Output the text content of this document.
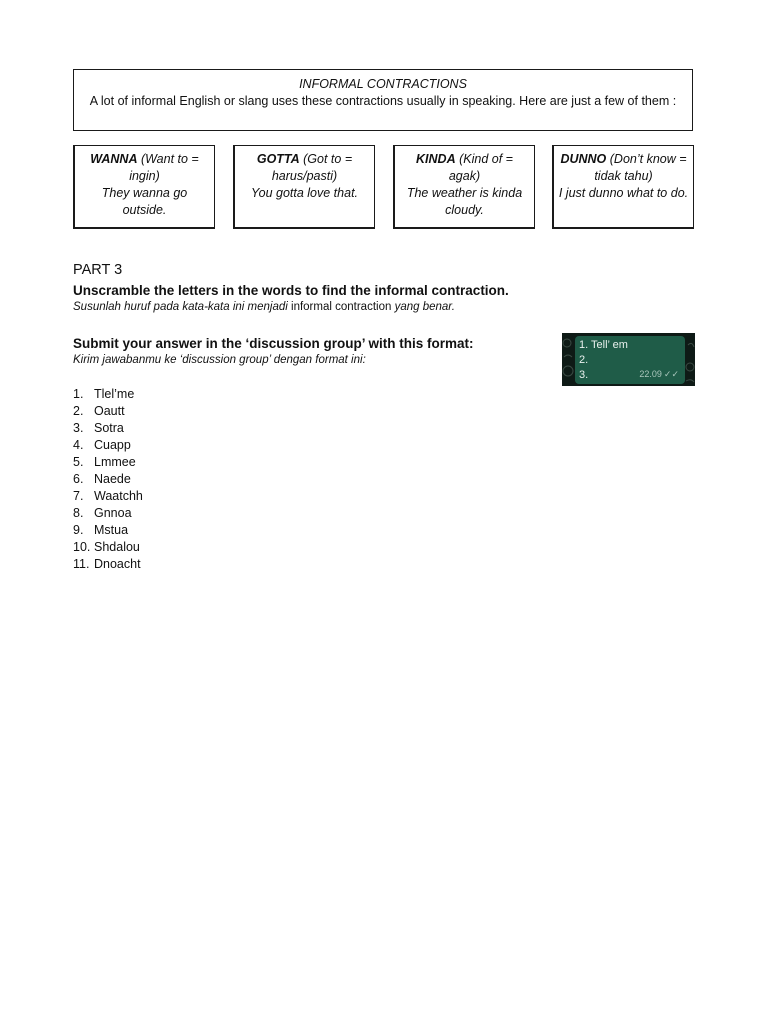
INFORMAL CONTRACTIONS
A lot of informal English or slang uses these contractions usually in speaking. Here are just a few of them :
WANNA (Want to = ingin)
They wanna go outside.
GOTTA (Got to = harus/pasti)
You gotta love that.
KINDA (Kind of = agak)
The weather is kinda cloudy.
DUNNO (Don’t know = tidak tahu)
I just dunno what to do.
PART 3
Unscramble the letters in the words to find the informal contraction.
Susunlah huruf pada kata-kata ini menjadi informal contraction yang benar.
Submit your answer in the ‘discussion group’ with this format:
Kirim jawabanmu ke ‘discussion group’ dengan format ini:
1. Tell’ em
2.
3.	22.09 ✓✓
1. Tlel’me
2. Oautt
3. Sotra
4. Cuapp
5. Lmmee
6. Naede
7. Waatchh
8. Gnnoa
9. Mstua
10. Shdalou
11. Dnoacht
